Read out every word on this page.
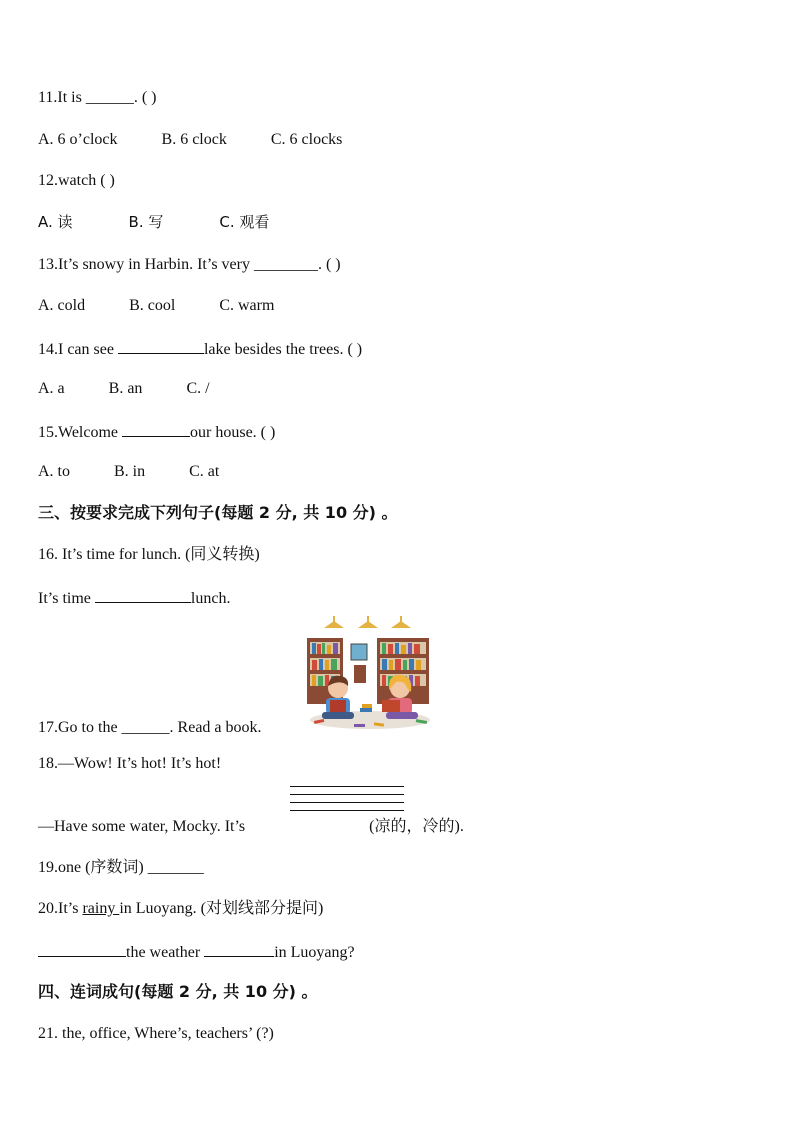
11.It is ______. ( )
A. 6 o’clock	B. 6 clock	C. 6 clocks
12.watch ( )
A. 读	B. 写	C. 观看
13.It’s snowy in Harbin. It’s very ________. ( )
A. cold	B. cool	C. warm
14.I can see	lake besides the trees. ( )
A. a	B. an	C. /
15.Welcome	our house. ( )
A. to	B. in	C. at
三、按要求完成下列句子(每题 2 分, 共 10 分) 。
16. It’s time for lunch. (同义转换)
It’s time	lunch.
17.Go to the ______. Read a book.
18.—Wow! It’s hot! It’s hot!
—Have some water, Mocky. It’s	(凉的，冷的).
19.one (序数词) _______
20.It’s rainy in Luoyang. (对划线部分提问)
the weather	in Luoyang?
四、连词成句(每题 2 分, 共 10 分) 。
21. the, office, Where’s, teachers’ (?)
